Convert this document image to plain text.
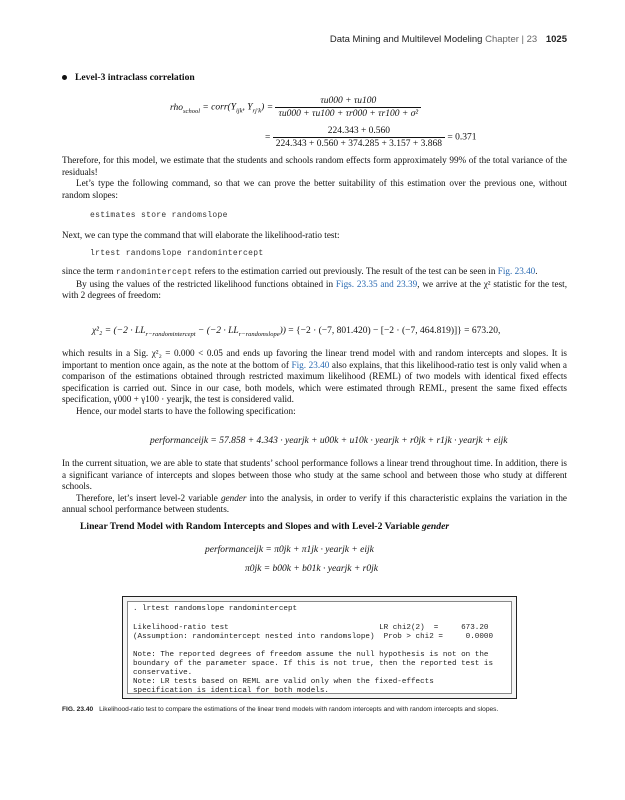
Data Mining and Multilevel Modeling Chapter | 23 1025
Level-3 intraclass correlation
$rho_{school} = corr(Y_{ijk}$, $Y_{rj'k}) = \frac{\tau u000 + \tau u100}{\text{τu000 + τu100 + τr000 + τr100 + σ²}}$
= $\frac{224.343 + 0.560}{224.343 + 0.560 + 374.285 + 3.157 + 3.868} = 0.371$

Therefore, for this model, we estimate that the students and schools random effects form approximately 99% of the total variance of the residuals!

Let’s type the following command, so that we can prove the better suitability of this estimation over the previous one, without random slopes:

estimates store randomslope

Next, we can type the command that will elaborate the likelihood-ratio test:

lrtest randomslope randomintercept

since the term randomintercept refers to the estimation carried out previously. The result of the test can be seen in Fig. 23.40.

By using the values of the restricted likelihood functions obtained in Figs. 23.35 and 23.39, we arrive at the χ² statistic for the test, with 2 degrees of freedom:

$\chi^2_2 = (-2 \cdot LL_{r-randomintercept} - (-2 \cdot LL_{r-randomslope})) = \{-2 \cdot (-7$, 801.420) − [−2 · (−7, 464.819)]} = 673.20,

which results in a Sig. χ²₂ = 0.000 < 0.05 and ends up favoring the linear trend model with and random intercepts and slopes. It is important to mention once again, as the note at the bottom of Fig. 23.40 also explains, that this likelihood-ratio test is only valid when a comparison of the estimations obtained through restricted maximum likelihood (REML) of two models with identical fixed effects specification is carried out. Since in our case, both models, which were estimated through REML, present the same fixed effects specification, γ000 + γ100 · yearjk, the test is considered valid.

Hence, our model starts to have the following specification:

performanceijk = 57.858 + 4.343 · yearjk + u00k + u10k · yearjk + r0jk + r1jk · yearjk + eijk

In the current situation, we are able to state that students’ school performance follows a linear trend throughout time. In addition, there is a significant variance of intercepts and slopes between those who study at the same school and between those who study at different schools.

Therefore, let’s insert level-2 variable gender into the analysis, in order to verify if this characteristic explains the variation in the annual school performance between students.

Linear Trend Model with Random Intercepts and Slopes and with Level-2 Variable gender
performanceijk = π0jk + π1jk · yearjk + eijk
π0jk = b00k + b01k · yearjk + r0jk
. lrtest randomslope randomintercept
Likelihood-ratio test                                 LR chi2(2)  =     673.20
(Assumption: randomintercept nested into randomslope)  Prob > chi2 =     0.0000
Note: The reported degrees of freedom assume the null hypothesis is not on the
boundary of the parameter space. If this is not true, then the reported test is
conservative.
Note: LR tests based on REML are valid only when the fixed-effects
specification is identical for both models.
FIG. 23.40 Likelihood-ratio test to compare the estimations of the linear trend models with random intercepts and with random intercepts and slopes.
